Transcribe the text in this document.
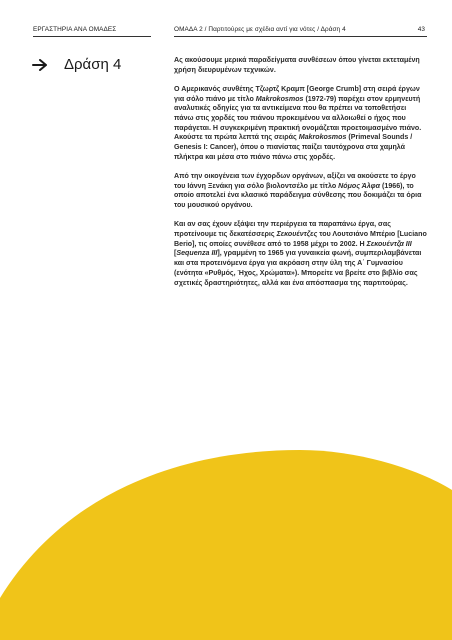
ΕΡΓΑΣΤΗΡΙΑ ΑΝΑ ΟΜΑΔΕΣ	ΟΜΑΔΑ 2 / Παρτιτούρες με σχέδια αντί για νότες / Δράση 4	43
Δράση 4	Ας ακούσουμε μερικά παραδείγματα συνθέσεων όπου γίνεται εκτεταμένη χρήση διευρυμένων τεχνικών.

Ο Αμερικανός συνθέτης Τζωρτζ Κραμπ [George Crumb] στη σειρά έργων για σόλο πιάνο με τίτλο Makrokosmos (1972-79) παρέχει στον ερμηνευτή αναλυτικές οδηγίες για τα αντικείμενα που θα πρέπει να τοποθετήσει πάνω στις χορδές του πιάνου προκειμένου να αλλοιωθεί ο ήχος που παράγεται. Η συγκεκριμένη πρακτική ονομάζεται προετοιμασμένο πιάνο. Ακούστε τα πρώτα λεπτά της σειράς Makrokosmos (Primeval Sounds / Genesis I: Cancer), όπου ο πιανίστας παίζει ταυτόχρονα στα χαμηλά πλήκτρα και μέσα στο πιάνο πάνω στις χορδές.

Από την οικογένεια των έγχορδων οργάνων, αξίζει να ακούσετε το έργο του Ιάννη Ξενάκη για σόλο βιολοντσέλο με τίτλο Νόμος Άλφα (1966), το οποίο αποτελεί ένα κλασικό παράδειγμα σύνθεσης που δοκιμάζει τα όρια του μουσικού οργάνου.

Και αν σας έχουν εξάψει την περιέργεια τα παραπάνω έργα, σας προτείνουμε τις δεκατέσσερις Σεκουέντζες του Λουτσιάνο Μπέριο [Luciano Berio], τις οποίες συνέθεσε από το 1958 μέχρι το 2002. Η Σεκουέντζα III [Sequenza III], γραμμένη το 1965 για γυναικεία φωνή, συμπεριλαμβάνεται και στα προτεινόμενα έργα για ακρόαση στην ύλη της Α΄ Γυμνασίου (ενότητα «Ρυθμός, Ήχος, Χρώματα»). Μπορείτε να βρείτε στο βιβλίο σας σχετικές δραστηριότητες, αλλά και ένα απόσπασμα της παρτιτούρας.
